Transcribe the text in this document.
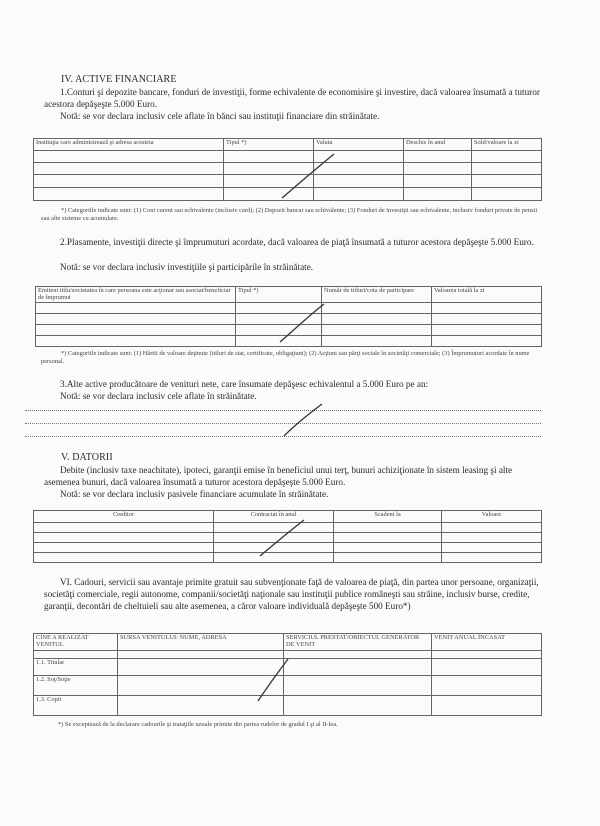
IV. ACTIVE FINANCIARE
1.Conturi şi depozite bancare, fonduri de investiţii, forme echivalente de economisire şi investire, dacă valoarea însumată a tuturor acestora depăşeşte 5.000 Euro.
Notă: se vor declara inclusiv cele aflate în bănci sau instituţii financiare din străinătate.
Instituţia care administrează şi adresa acesteia	Tipul *)	Valuta	Deschis în anul	Sold/valoare la zi

*) Categoriile indicate sunt: (1) Cont curent sau echivalente (inclusiv card); (2) Depozit bancar sau echivalente; (3) Fonduri de investiţii sau echivalente, inclusiv fonduri private de pensii sau alte sisteme cu acumulare.
2.Plasamente, investiţii directe şi împrumuturi acordate, dacă valoarea de piaţă însumată a tuturor acestora depăşeşte 5.000 Euro.
Notă: se vor declara inclusiv investiţiile şi participările în străinătate.
Emitent titlu/societatea în care persoana este acţionar sau asociat/beneficiar de împrumut	Tipul *)	Număr de titluri/cota de participare	Valoarea totală la zi

*) Categoriile indicate sunt: (1) Hârtii de valoare deţinute (titluri de stat, certificate, obligaţiuni); (2) Acţiuni sau părţi sociale în societăţi comerciale; (3) Împrumuturi acordate în nume personal.
3.Alte active producătoare de venituri nete, care însumate depăşesc echivalentul a 5.000 Euro pe an:
Notă: se vor declara inclusiv cele aflate în străinătate.
V. DATORII
Debite (inclusiv taxe neachitate), ipoteci, garanţii emise în beneficiul unui terţ, bunuri achiziţionate în sistem leasing şi alte asemenea bunuri, dacă valoarea însumată a tuturor acestora depăşeşte 5.000 Euro.
Notă: se vor declara inclusiv pasivele financiare acumulate în străinătate.
Creditor	Contractat în anul	Scadent la	Valoare

VI. Cadouri, servicii sau avantaje primite gratuit sau subvenţionate faţă de valoarea de piaţă, din partea unor persoane, organizaţii, societăţi comerciale, regii autonome, companii/societăţi naţionale sau instituţii publice româneşti sau străine, inclusiv burse, credite, garanţii, decontări de cheltuieli sau alte asemenea, a căror valoare individuală depăşeşte 500 Euro*)
CINE A REALIZAT VENITUL	SURSA VENITULUI: NUME, ADRESA	SERVICIUL PRESTAT/OBIECTUL GENERATOR DE VENIT	VENIT ANUAL ÎNCASAT

1.1. Titular			
1.2. Soţ/Soţie			
1.3. Copii			
*) Se exceptează de la declarare cadourile şi trataţiile uzuale primite din partea rudelor de gradul I şi al II-lea.
